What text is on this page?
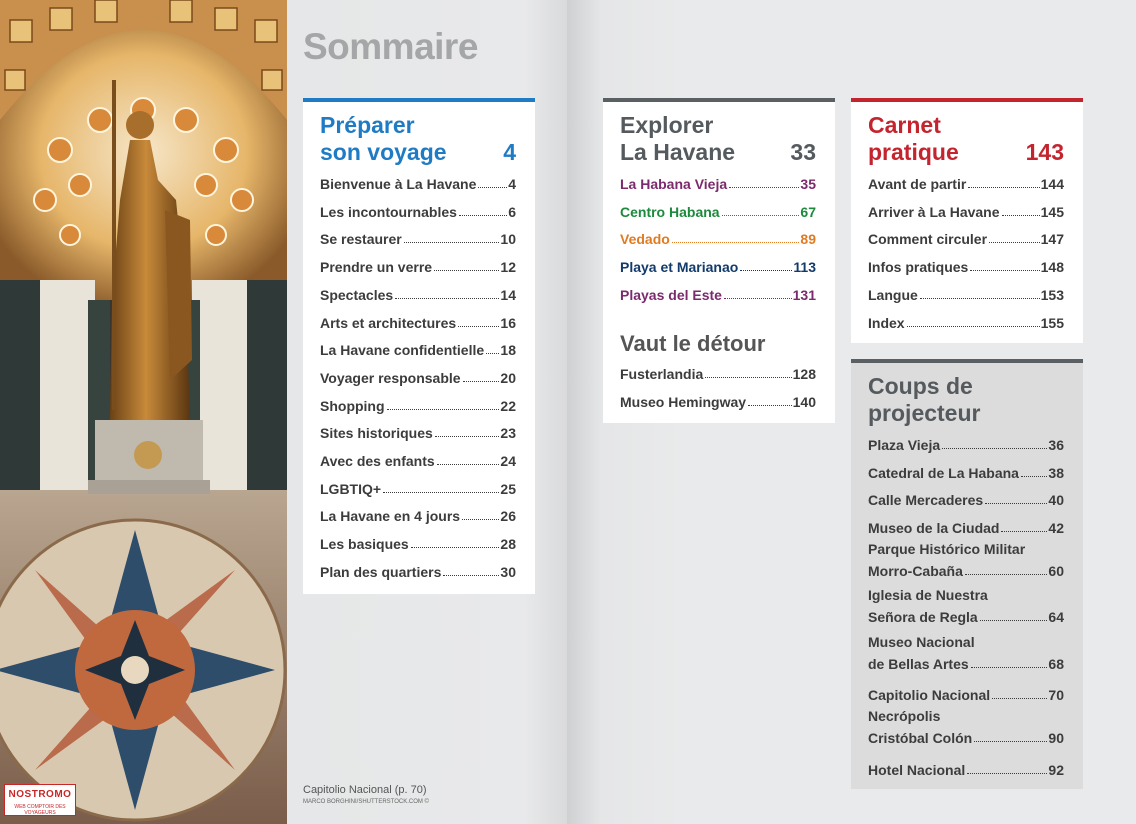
NOSTROMO
WEB COMPTOIR DES VOYAGEURS
Sommaire
Préparer
son voyage 4
Bienvenue à La Havane 4
Les incontournables	6
Se restaurer	10
Prendre un verre	12
Spectacles	14
Arts et architectures	16
La Havane confidentielle 18
Voyager responsable	20
Shopping	22
Sites historiques	23
Avec des enfants	24
LGBTIQ+	25
La Havane en 4 jours	26
Les basiques	28
Plan des quartiers	30
Explorer
La Havane 33
Vaut le détour
La Habana Vieja	35
Centro Habana	67
Vedado	89
Playa et Marianao	113
Playas del Este	131
Fusterlandia	128
Museo Hemingway	140
Carnet
pratique	143
Avant de partir	144
Arriver à La Havane	145
Comment circuler	147
Infos pratiques	148
Langue	153
Index	155
Coups de
projecteur
Plaza Vieja	36
Catedral de La Habana 38
Calle Mercaderes	40
Museo de la Ciudad	42
Parque Histórico Militar
Morro-Cabaña	60
Iglesia de Nuestra
Señora de Regla	64
Museo Nacional
de Bellas Artes	68
Capitolio Nacional	70
Necrópolis
Cristóbal Colón	90
Hotel Nacional	92
Capitolio Nacional (p. 70)
MARCO BORGHINI/SHUTTERSTOCK.COM ©
